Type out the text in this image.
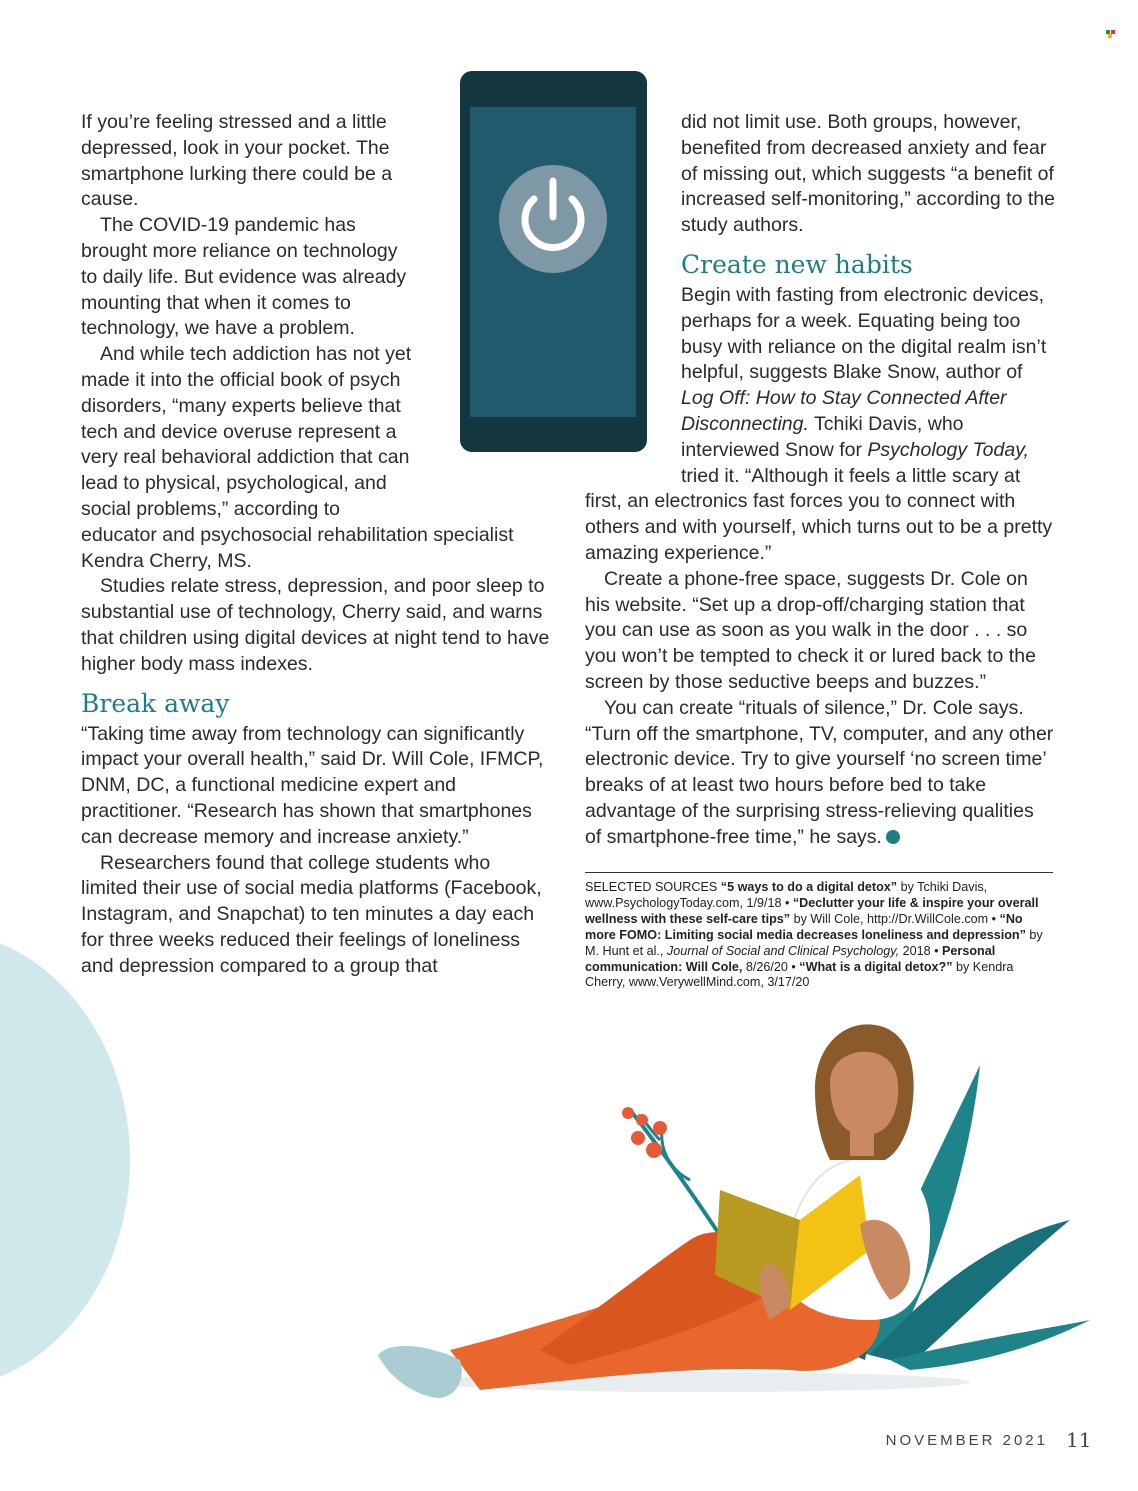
If you’re feeling stressed and a little depressed, look in your pocket. The smartphone lurking there could be a cause.

The COVID-19 pandemic has brought more reliance on technology to daily life. But evidence was already mounting that when it comes to technology, we have a problem.

And while tech addiction has not yet made it into the official book of psych disorders, “many experts believe that tech and device overuse represent a very real behavioral addiction that can lead to physical, psychological, and social problems,” according to educator and psychosocial rehabilitation specialist Kendra Cherry, MS.

Studies relate stress, depression, and poor sleep to substantial use of technology, Cherry said, and warns that children using digital devices at night tend to have higher body mass indexes.

Break away

“Taking time away from technology can significantly impact your overall health,” said Dr. Will Cole, IFMCP, DNM, DC, a functional medicine expert and practitioner. “Research has shown that smartphones can decrease memory and increase anxiety.”

Researchers found that college students who limited their use of social media platforms (Facebook, Instagram, and Snapchat) to ten minutes a day each for three weeks reduced their feelings of loneliness and depression compared to a group that

did not limit use. Both groups, however, benefited from decreased anxiety and fear of missing out, which suggests “a benefit of increased self-monitoring,” according to the study authors.

Create new habits

Begin with fasting from electronic devices, perhaps for a week. Equating being too busy with reliance on the digital realm isn’t helpful, suggests Blake Snow, author of Log Off: How to Stay Connected After Disconnecting. Tchiki Davis, who interviewed Snow for Psychology Today, tried it. “Although it feels a little scary at first, an electronics fast forces you to connect with others and with yourself, which turns out to be a pretty amazing experience.”

Create a phone-free space, suggests Dr. Cole on his website. “Set up a drop-off/charging station that you can use as soon as you walk in the door . . . so you won’t be tempted to check it or lured back to the screen by those seductive beeps and buzzes.”

You can create “rituals of silence,” Dr. Cole says. “Turn off the smartphone, TV, computer, and any other electronic device. Try to give yourself ‘no screen time’ breaks of at least two hours before bed to take advantage of the surprising stress-relieving qualities of smartphone-free time,” he says.

SELECTED SOURCES “5 ways to do a digital detox” by Tchiki Davis, www.PsychologyToday.com, 1/9/18 • “Declutter your life & inspire your overall wellness with these self-care tips” by Will Cole, http://Dr.WillCole.com • “No more FOMO: Limiting social media decreases loneliness and depression” by M. Hunt et al., Journal of Social and Clinical Psychology, 2018 • Personal communication: Will Cole, 8/26/20 • “What is a digital detox?” by Kendra Cherry, www.VerywellMind.com, 3/17/20
NOVEMBER 2021 11
